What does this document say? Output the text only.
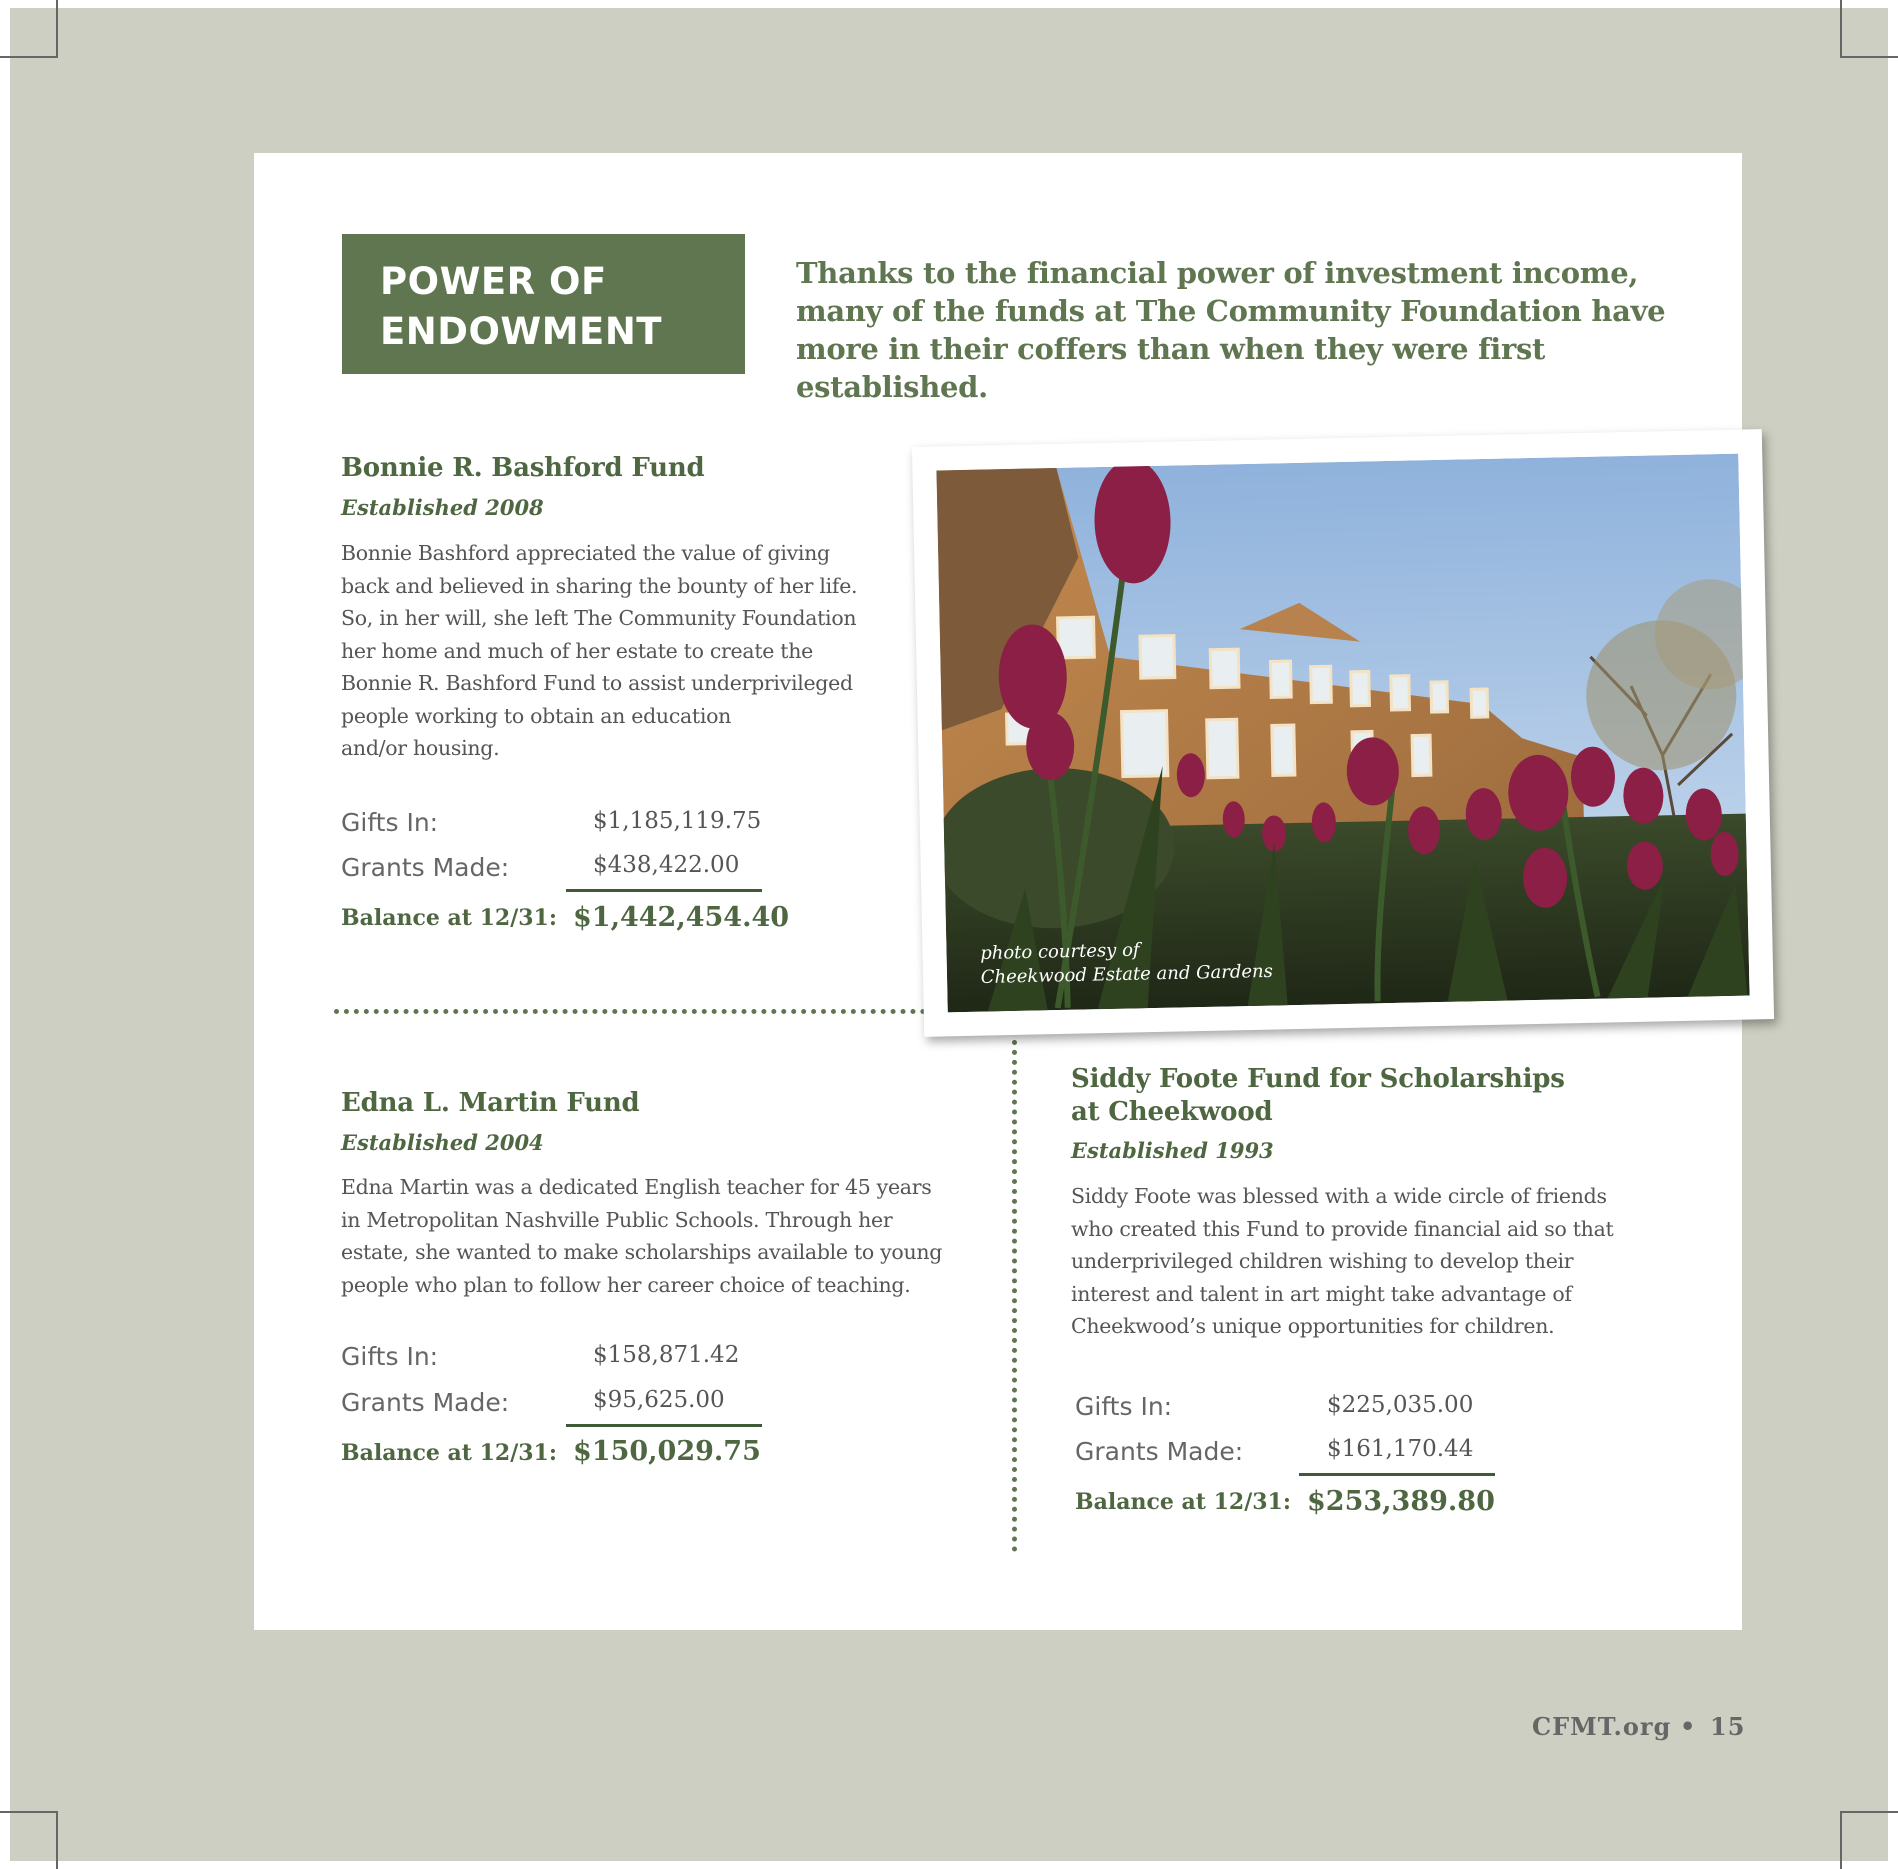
POWER OF
ENDOWMENT
Thanks to the financial power of investment income, many of the funds at The Community Foundation have more in their coffers than when they were first established.
Bonnie R. Bashford Fund
Established 2008
Bonnie Bashford appreciated the value of giving
back and believed in sharing the bounty of her life.
So, in her will, she left The Community Foundation
her home and much of her estate to create the
Bonnie R. Bashford Fund to assist underprivileged
people working to obtain an education
and/or housing.
Gifts In:	$1,185,119.75
Grants Made:	$438,422.00
Balance at 12/31: $1,442,454.40
Edna L. Martin Fund
Established 2004
Edna Martin was a dedicated English teacher for 45 years
in Metropolitan Nashville Public Schools. Through her
estate, she wanted to make scholarships available to young
people who plan to follow her career choice of teaching.
Gifts In:	$158,871.42
Grants Made:	$95,625.00
Balance at 12/31: $150,029.75
Siddy Foote Fund for Scholarships
at Cheekwood
Established 1993
Siddy Foote was blessed with a wide circle of friends
who created this Fund to provide financial aid so that
underprivileged children wishing to develop their
interest and talent in art might take advantage of
Cheekwood’s unique opportunities for children.
Gifts In:	$225,035.00
Grants Made:	$161,170.44
Balance at 12/31: $253,389.80
photo courtesy of
Cheekwood Estate and Gardens
CFMT.org • 15
